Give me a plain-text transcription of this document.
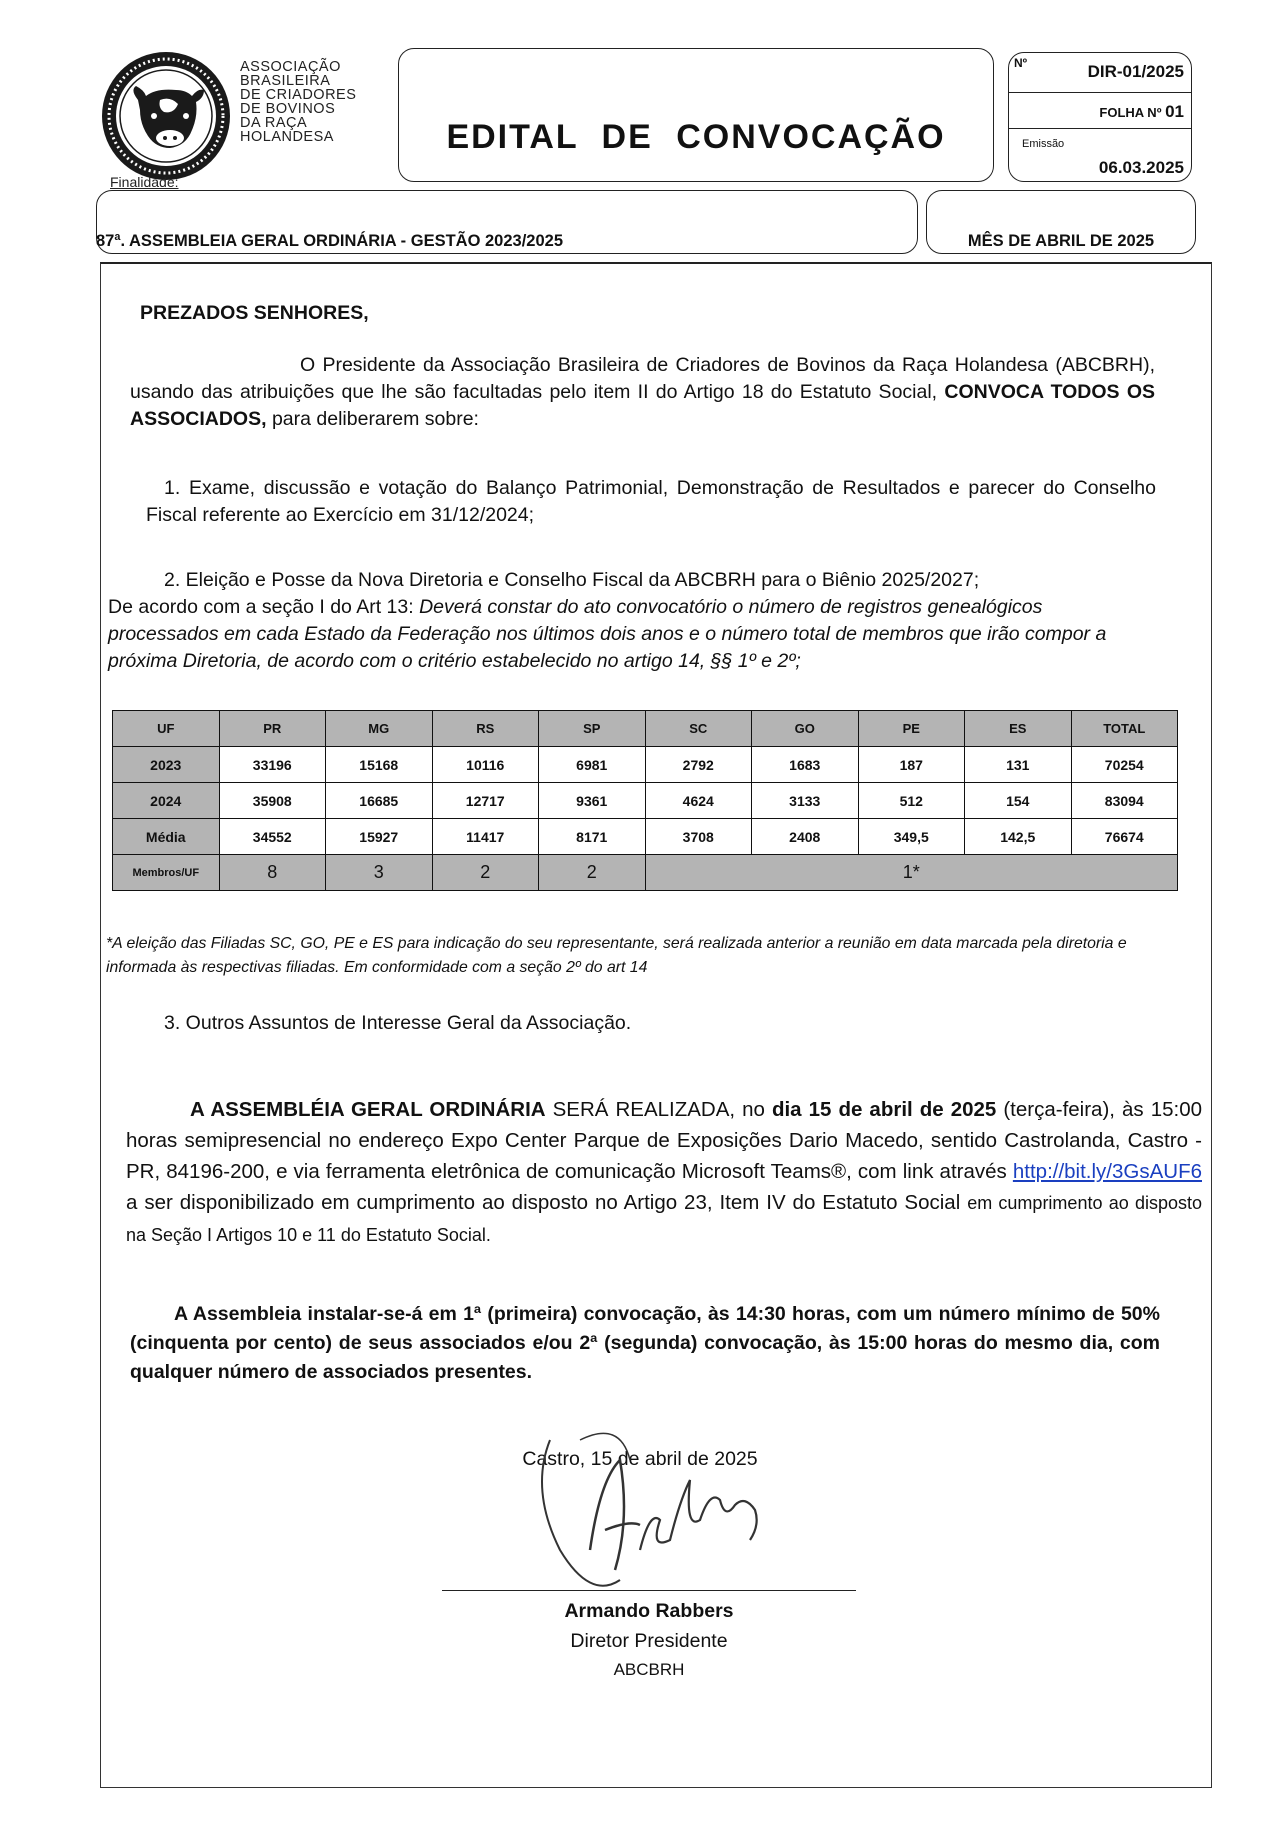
ASSOCIAÇÃO
BRASILEIRA
DE CRIADORES
DE BOVINOS
DA RAÇA
HOLANDESA
Finalidade:
EDITAL DE CONVOCAÇÃO
Nº	DIR-01/2025
FOLHA Nº 01
Emissão
06.03.2025
87ª. ASSEMBLEIA GERAL ORDINÁRIA - GESTÃO 2023/2025	MÊS DE ABRIL DE 2025
PREZADOS SENHORES,
O Presidente da Associação Brasileira de Criadores de Bovinos da Raça Holandesa (ABCBRH), usando das atribuições que lhe são facultadas pelo item II do Artigo 18 do Estatuto Social, CONVOCA TODOS OS ASSOCIADOS, para deliberarem sobre:
1. Exame, discussão e votação do Balanço Patrimonial, Demonstração de Resultados e parecer do Conselho Fiscal referente ao Exercício em 31/12/2024;
2. Eleição e Posse da Nova Diretoria e Conselho Fiscal da ABCBRH para o Biênio 2025/2027;
De acordo com a seção I do Art 13: Deverá constar do ato convocatório o número de registros genealógicos processados em cada Estado da Federação nos últimos dois anos e o número total de membros que irão compor a próxima Diretoria, de acordo com o critério estabelecido no artigo 14, §§ 1º e 2º;
UF	PR	MG	RS	SP	SC	GO	PE	ES	TOTAL
2023	33196	15168	10116	6981	2792	1683	187	131	70254
2024	35908	16685	12717	9361	4624	3133	512	154	83094
Média	34552	15927	11417	8171	3708	2408	349,5	142,5	76674
Membros/UF	8	3	2	2	1*				
*A eleição das Filiadas SC, GO, PE e ES para indicação do seu representante, será realizada anterior a reunião em data marcada pela diretoria e informada às respectivas filiadas. Em conformidade com a seção 2º do art 14
3. Outros Assuntos de Interesse Geral da Associação.
A ASSEMBLÉIA GERAL ORDINÁRIA SERÁ REALIZADA, no dia 15 de abril de 2025 (terça-feira), às 15:00 horas semipresencial no endereço Expo Center Parque de Exposições Dario Macedo, sentido Castrolanda, Castro - PR, 84196-200, e via ferramenta eletrônica de comunicação Microsoft Teams®, com link através http://bit.ly/3GsAUF6 a ser disponibilizado em cumprimento ao disposto no Artigo 23, Item IV do Estatuto Social em cumprimento ao disposto na Seção I Artigos 10 e 11 do Estatuto Social.
A Assembleia instalar-se-á em 1ª (primeira) convocação, às 14:30 horas, com um número mínimo de 50% (cinquenta por cento) de seus associados e/ou 2ª (segunda) convocação, às 15:00 horas do mesmo dia, com qualquer número de associados presentes.
Castro, 15 de abril de 2025
Armando Rabbers
Diretor Presidente
ABCBRH
